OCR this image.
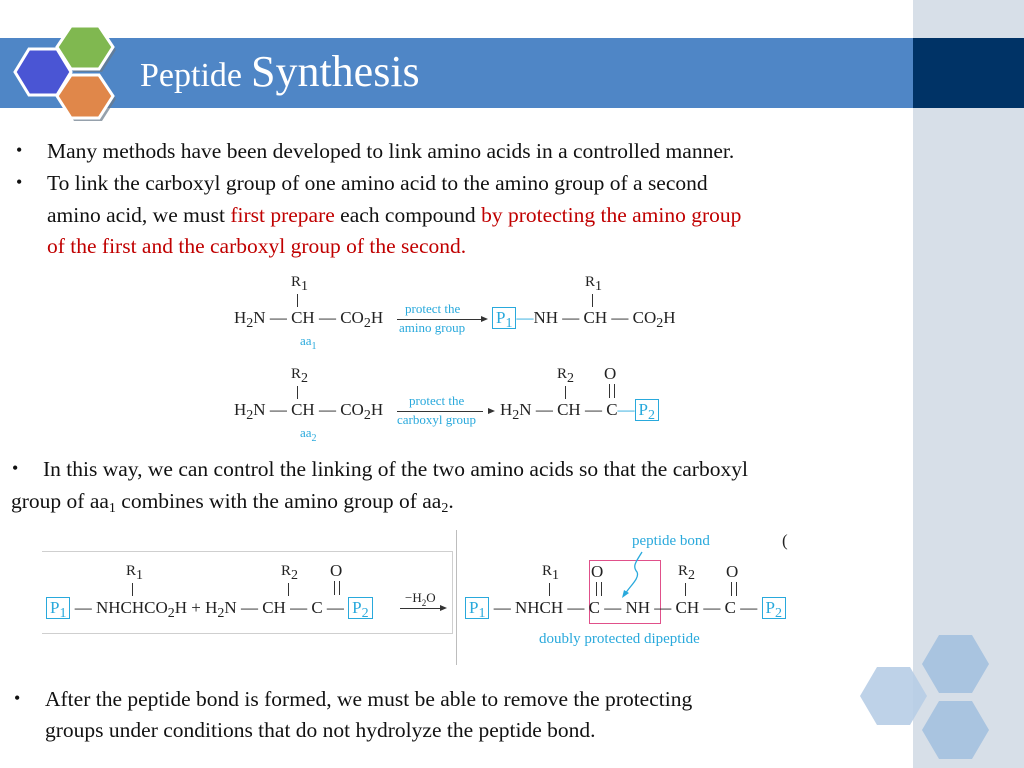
Peptide Synthesis
• Many methods have been developed to link amino acids in a controlled manner.
• To link the carboxyl group of one amino acid to the amino group of a second
amino acid, we must first prepare each compound by protecting the amino group
of the first and the carboxyl group of the second.
$R_1$
$H_2N$ — CH — $CO_2H$
$aa_1$
protect the
amino group
$R_1$
$P_1$ —NH — CH — $CO_2H$
$R_2$
$H_2N$ — CH — $CO_2H$
$aa_2$
protect the
carboxyl group
$R_2$ O
$H_2N$ — CH — C— $P_2$
• In this way, we can control the linking of the two amino acids so that the carboxyl
group of $aa_1$ combines with the amino group of $aa_2$.
$R_1$	$R_2$ O
$P_1$ — $NHCHCO_2H + H_2N$ — CH — C — $P_2$
$-H_2O$
peptide bond	(
$R_1$ O	$R_2$ O
$P_1$ — NHCH — C — NH — CH — C — $P_2$
doubly protected dipeptide
• After the peptide bond is formed, we must be able to remove the protecting
groups under conditions that do not hydrolyze the peptide bond.
